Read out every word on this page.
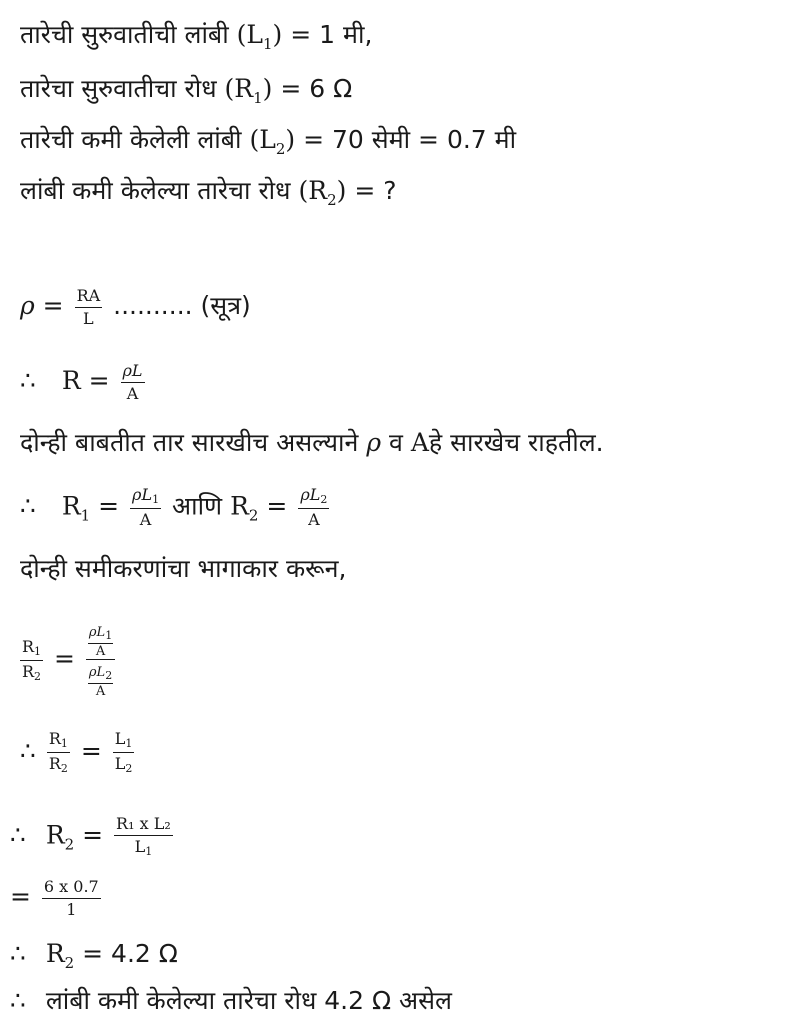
तारेची सुरुवातीची लांबी $(L_1) = 1$ मी,
तारेचा सुरुवातीचा रोध $(R_1) = 6$ Ω
तारेची कमी केलेली लांबी $(L_2) = 70$ सेमी = 0.7 मी
लांबी कमी केलेल्या तारेचा रोध $(R_2)$ = ?
$\rho = \frac{RA}{L}$ .......... (सूत्र)
∴ $R = \frac{\rho L}{A}$
दोन्ही बाबतीत तार सारखीच असल्याने ρ व Aहे सारखेच राहतील.
∴ $R_1 = \frac{\rho L_1}{A}$ आणि $R_2 = \frac{\rho L_2}{A}$
दोन्ही समीकरणांचा भागाकार करून,
$\frac{R_1}{R_2} = \frac{\frac{\rho L_1}{A}}{\frac{\rho L_2}{A}}$
∴ $\frac{R_1}{R_2} = \frac{L_1}{L_2}$
∴ $R_2 = \frac{\text{R₁ x L₂}}{L_1}$
= $\frac{6 x 0.7}{1}$
∴ $R_2 = 4.2$ Ω
∴ लांबी कमी केलेल्या तारेचा रोध 4.2 Ω असेल
